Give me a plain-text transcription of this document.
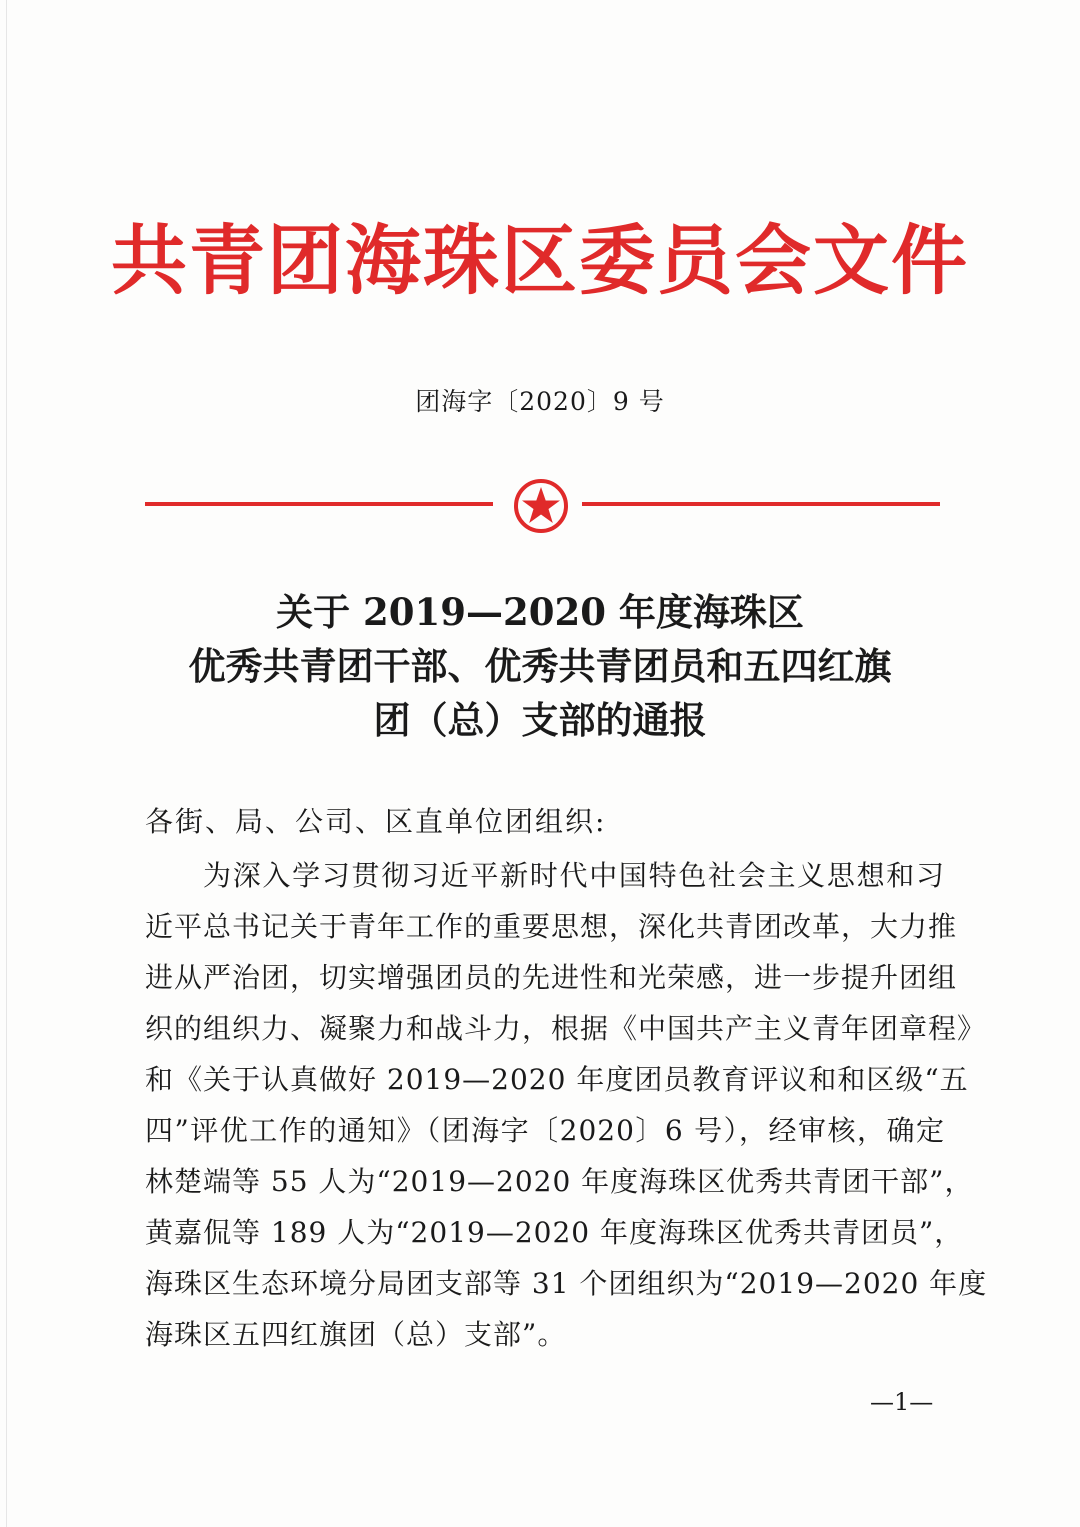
共青团海珠区委员会文件
团海字〔2020〕9 号
关于 2019—2020 年度海珠区
优秀共青团干部、优秀共青团员和五四红旗
团（总）支部的通报
各街、局、公司、区直单位团组织:
为深入学习贯彻习近平新时代中国特色社会主义思想和习
近平总书记关于青年工作的重要思想，深化共青团改革，大力推
进从严治团，切实增强团员的先进性和光荣感，进一步提升团组
织的组织力、凝聚力和战斗力，根据《中国共产主义青年团章程》
和《关于认真做好 2019—2020 年度团员教育评议和和区级“五
四”评优工作的通知》（团海字〔2020〕6 号），经审核，确定
林楚端等 55 人为“2019—2020 年度海珠区优秀共青团干部”，
黄嘉侃等 189 人为“2019—2020 年度海珠区优秀共青团员”，
海珠区生态环境分局团支部等 31 个团组织为“2019—2020 年度
海珠区五四红旗团（总）支部”。
—1—
